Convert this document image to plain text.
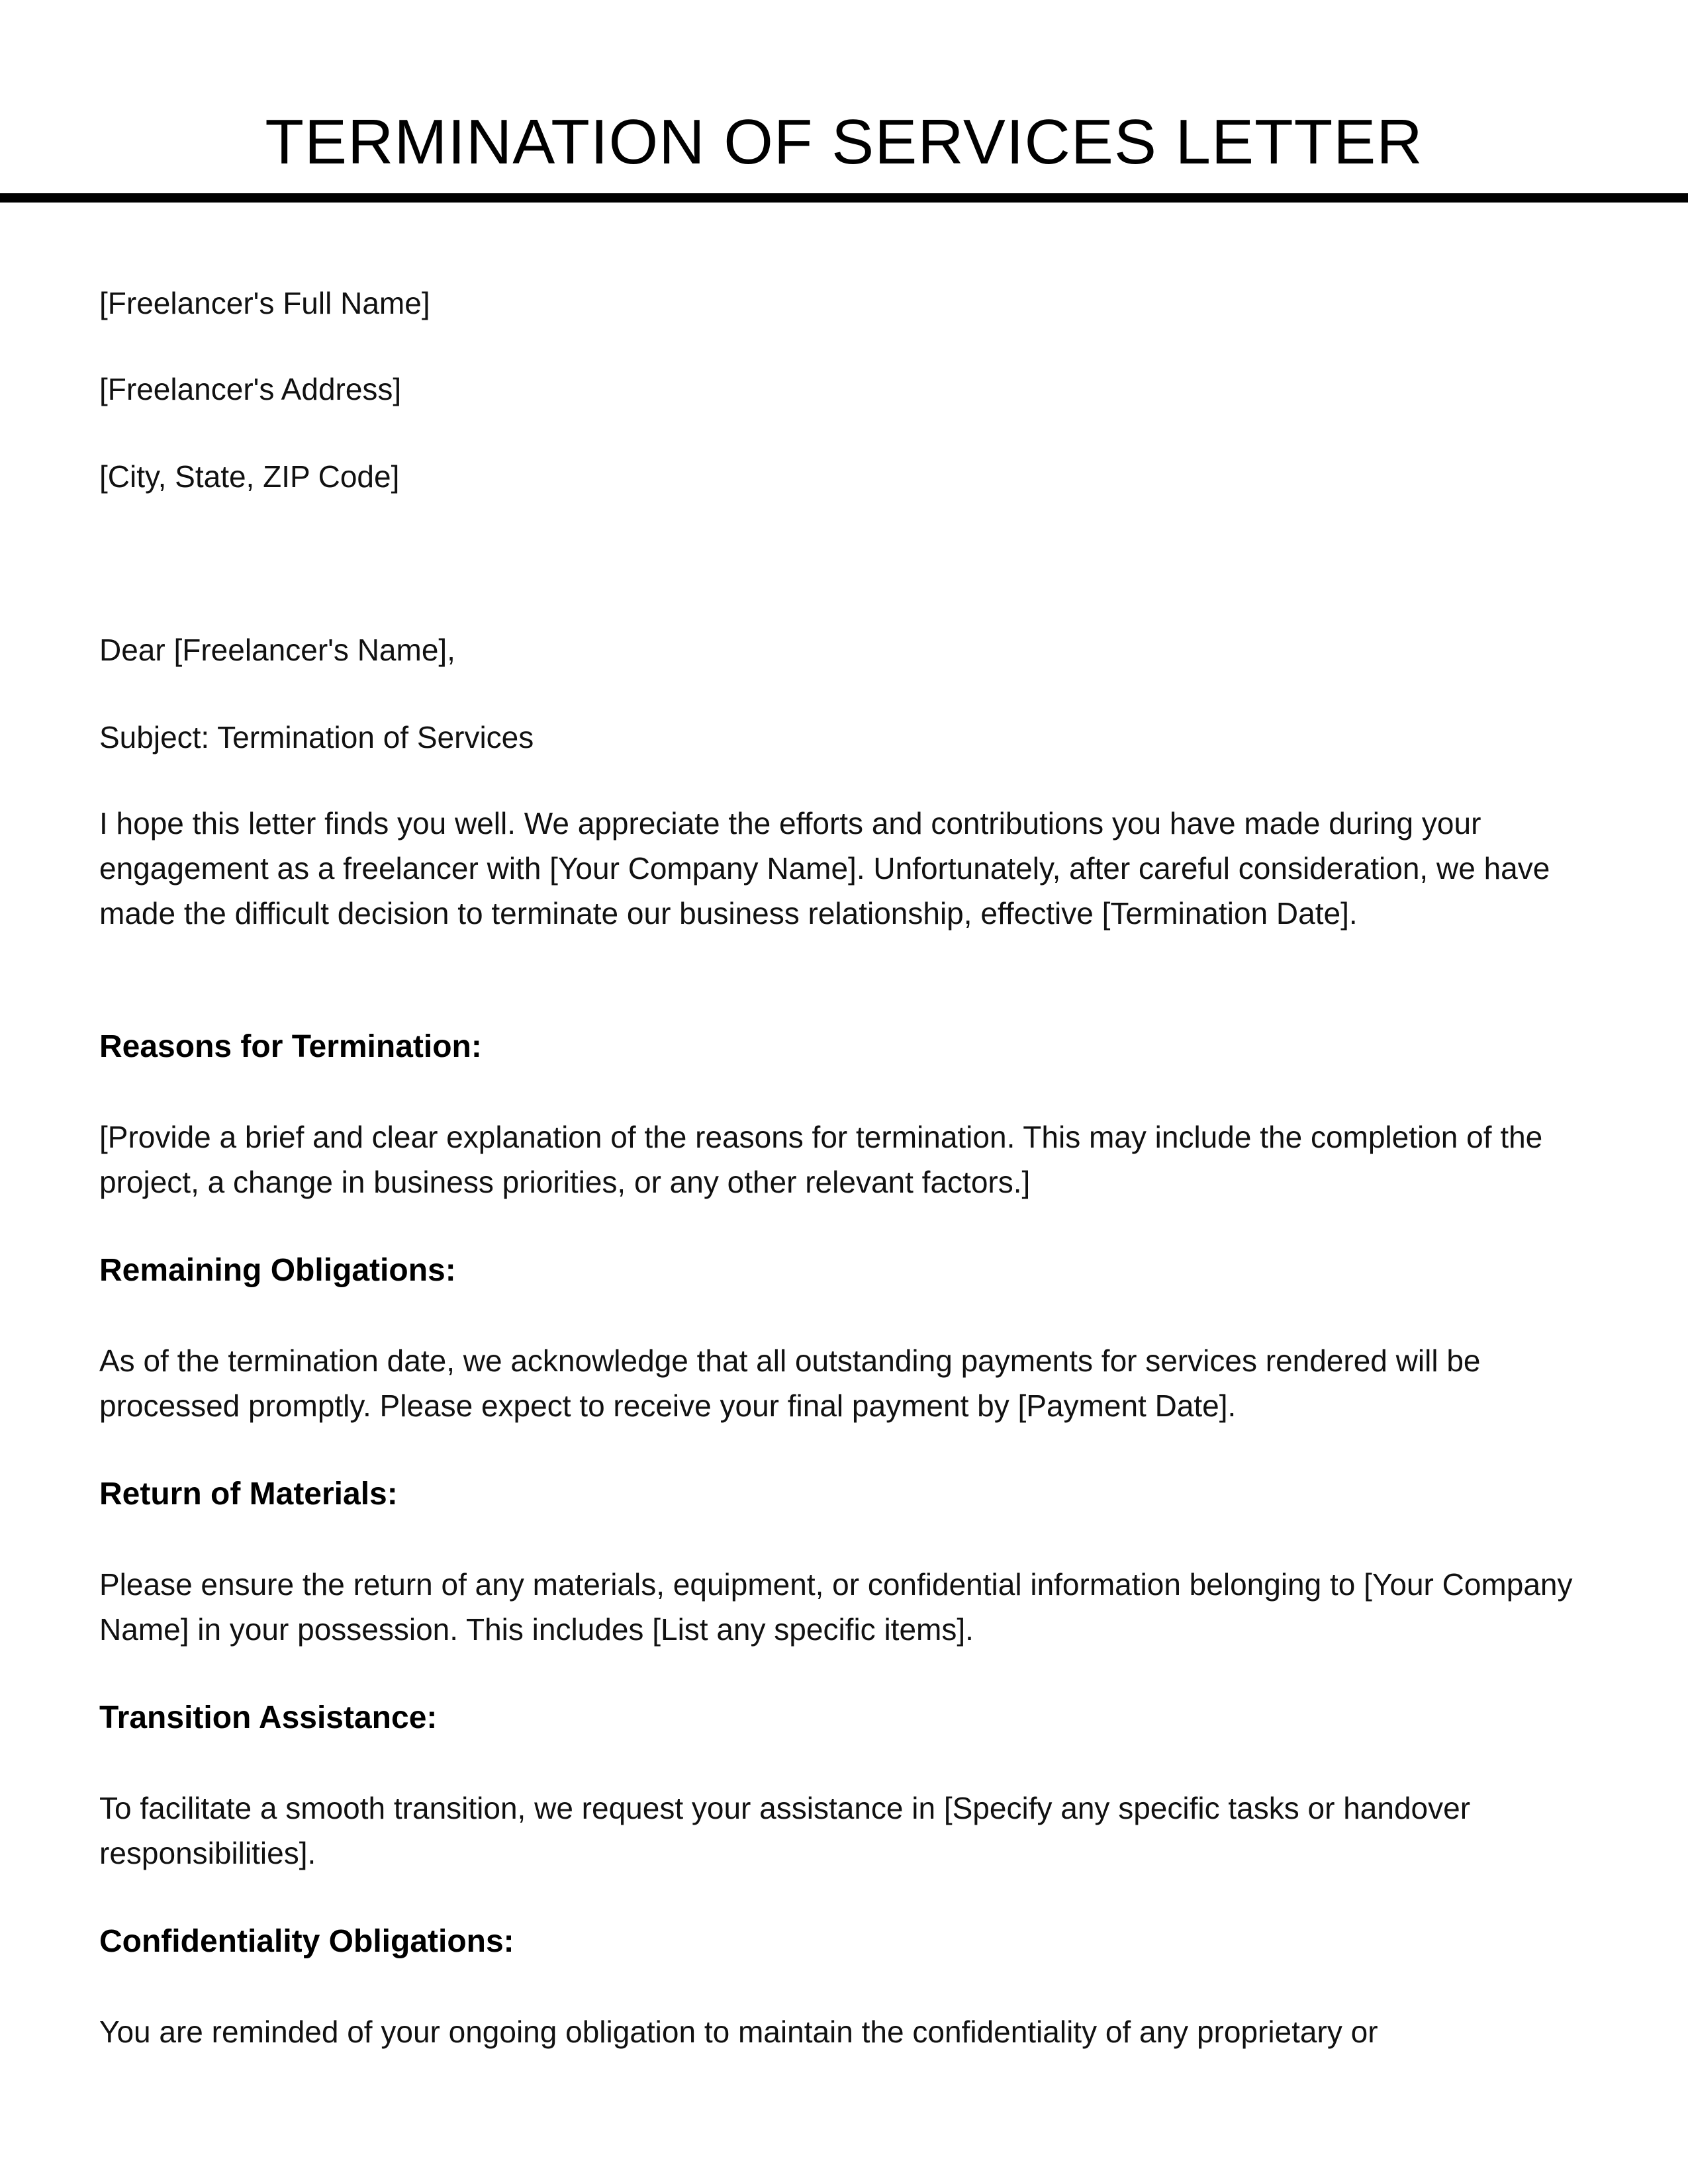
TERMINATION OF SERVICES LETTER

[Freelancer's Full Name]

[Freelancer's Address]

[City, State, ZIP Code]

Dear [Freelancer's Name],

Subject: Termination of Services

I hope this letter finds you well. We appreciate the efforts and contributions you have made during your engagement as a freelancer with [Your Company Name]. Unfortunately, after careful consideration, we have made the difficult decision to terminate our business relationship, effective [Termination Date].

Reasons for Termination:

[Provide a brief and clear explanation of the reasons for termination. This may include the completion of the project, a change in business priorities, or any other relevant factors.]

Remaining Obligations:

As of the termination date, we acknowledge that all outstanding payments for services rendered will be processed promptly. Please expect to receive your final payment by [Payment Date].

Return of Materials:

Please ensure the return of any materials, equipment, or confidential information belonging to [Your Company Name] in your possession. This includes [List any specific items].

Transition Assistance:

To facilitate a smooth transition, we request your assistance in [Specify any specific tasks or handover responsibilities].

Confidentiality Obligations:

You are reminded of your ongoing obligation to maintain the confidentiality of any proprietary or
